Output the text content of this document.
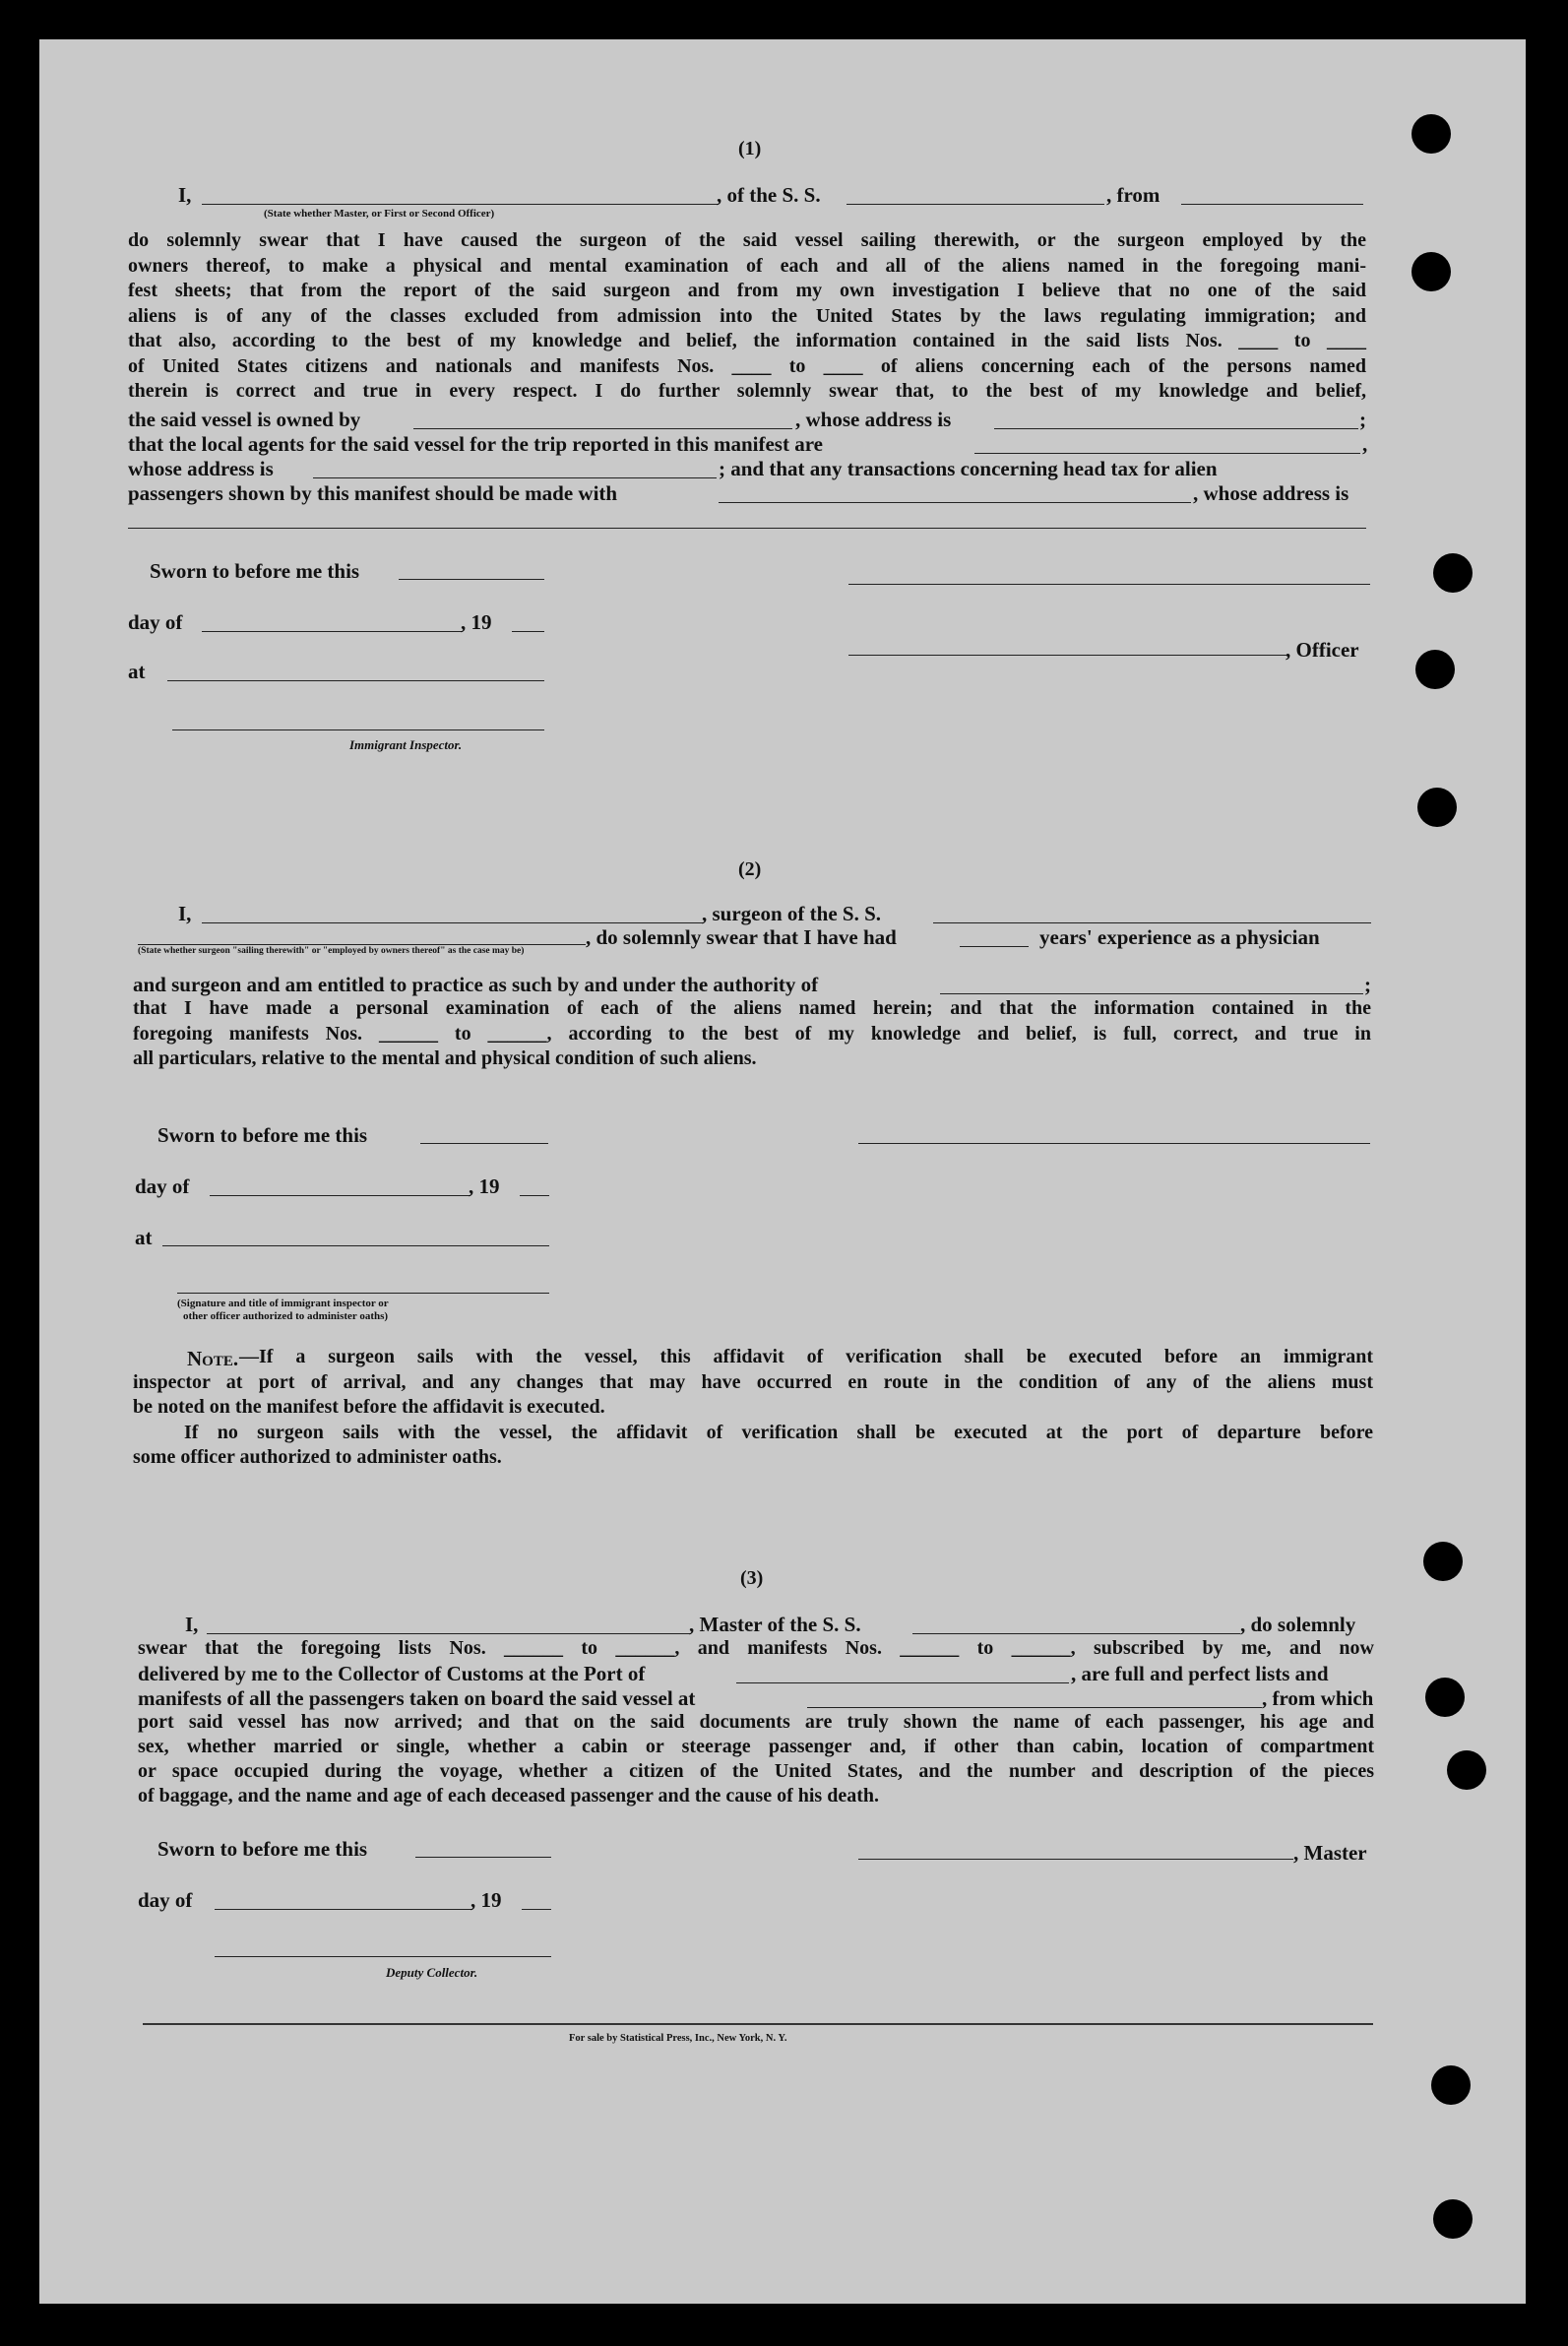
(1)
I,
(State whether Master, or First or Second Officer)
, of the S. S.	, from
do solemnly swear that I have caused the surgeon of the said vessel sailing therewith, or the surgeon employed by the
owners thereof, to make a physical and mental examination of each and all of the aliens named in the foregoing mani-
fest sheets; that from the report of the said surgeon and from my own investigation I believe that no one of the said
aliens is of any of the classes excluded from admission into the United States by the laws regulating immigration; and
that also, according to the best of my knowledge and belief, the information contained in the said lists Nos. ____ to ____
of United States citizens and nationals and manifests Nos. ____ to ____ of aliens concerning each of the persons named
therein is correct and true in every respect. I do further solemnly swear that, to the best of my knowledge and belief,
the said vessel is owned by	, whose address is	;
that the local agents for the said vessel for the trip reported in this manifest are	,
whose address is	; and that any transactions concerning head tax for alien
passengers shown by this manifest should be made with	, whose address is
Sworn to before me this
day of	, 19
at
, Officer
Immigrant Inspector.
(2)
I,	, surgeon of the S. S.
(State whether surgeon "sailing therewith" or "employed by owners thereof" as the case may be)
, do solemnly swear that I have had	years' experience as a physician
and surgeon and am entitled to practice as such by and under the authority of	;
that I have made a personal examination of each of the aliens named herein; and that the information contained in the
foregoing manifests Nos. ______ to ______, according to the best of my knowledge and belief, is full, correct, and true in
all particulars, relative to the mental and physical condition of such aliens.
Sworn to before me this
day of	, 19
at
(Signature and title of immigrant inspector or
other officer authorized to administer oaths)
Note. —If a surgeon sails with the vessel, this affidavit of verification shall be executed before an immigrant
inspector at port of arrival, and any changes that may have occurred en route in the condition of any of the aliens must
be noted on the manifest before the affidavit is executed.
If no surgeon sails with the vessel, the affidavit of verification shall be executed at the port of departure before
some officer authorized to administer oaths.
(3)
I,	, Master of the S. S.	, do solemnly
swear that the foregoing lists Nos. ______ to ______, and manifests Nos. ______ to ______, subscribed by me, and now
delivered by me to the Collector of Customs at the Port of	, are full and perfect lists and
manifests of all the passengers taken on board the said vessel at	, from which
port said vessel has now arrived; and that on the said documents are truly shown the name of each passenger, his age and
sex, whether married or single, whether a cabin or steerage passenger and, if other than cabin, location of compartment
or space occupied during the voyage, whether a citizen of the United States, and the number and description of the pieces
of baggage, and the name and age of each deceased passenger and the cause of his death.
Sworn to before me this	, Master
day of	, 19
Deputy Collector.
For sale by Statistical Press, Inc., New York, N. Y.
